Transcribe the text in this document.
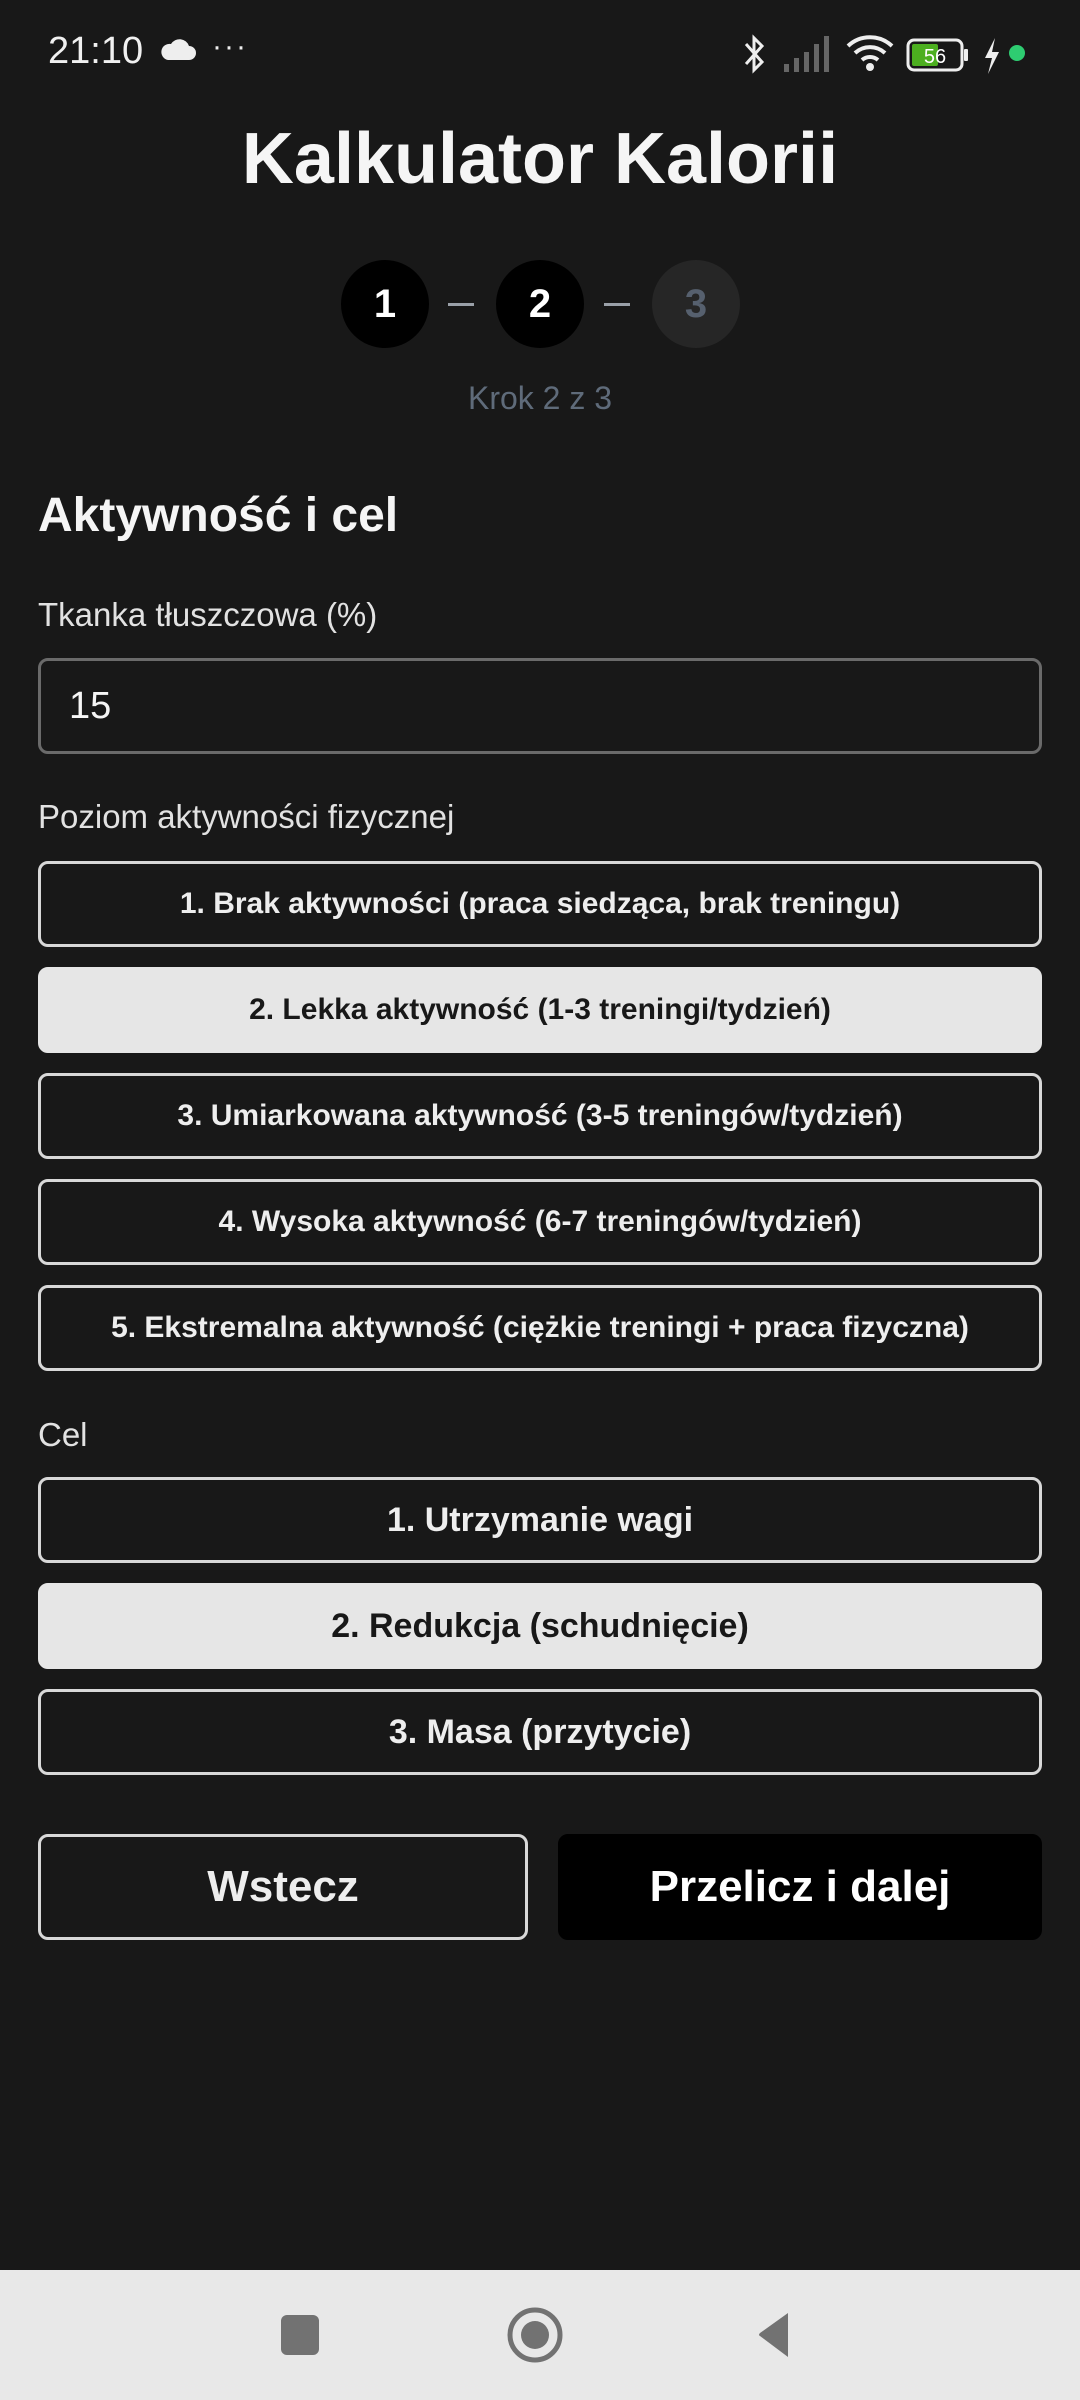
21:10 ···	56
Kalkulator Kalorii
1	2	3
Krok 2 z 3
Aktywność i cel
Tkanka tłuszczowa (%)
15
Poziom aktywności fizycznej
1. Brak aktywności (praca siedząca, brak treningu)
2. Lekka aktywność (1-3 treningi/tydzień)
3. Umiarkowana aktywność (3-5 treningów/tydzień)
4. Wysoka aktywność (6-7 treningów/tydzień)
5. Ekstremalna aktywność (ciężkie treningi + praca fizyczna)
Cel
1. Utrzymanie wagi
2. Redukcja (schudnięcie)
3. Masa (przytycie)
Wstecz	Przelicz i dalej
